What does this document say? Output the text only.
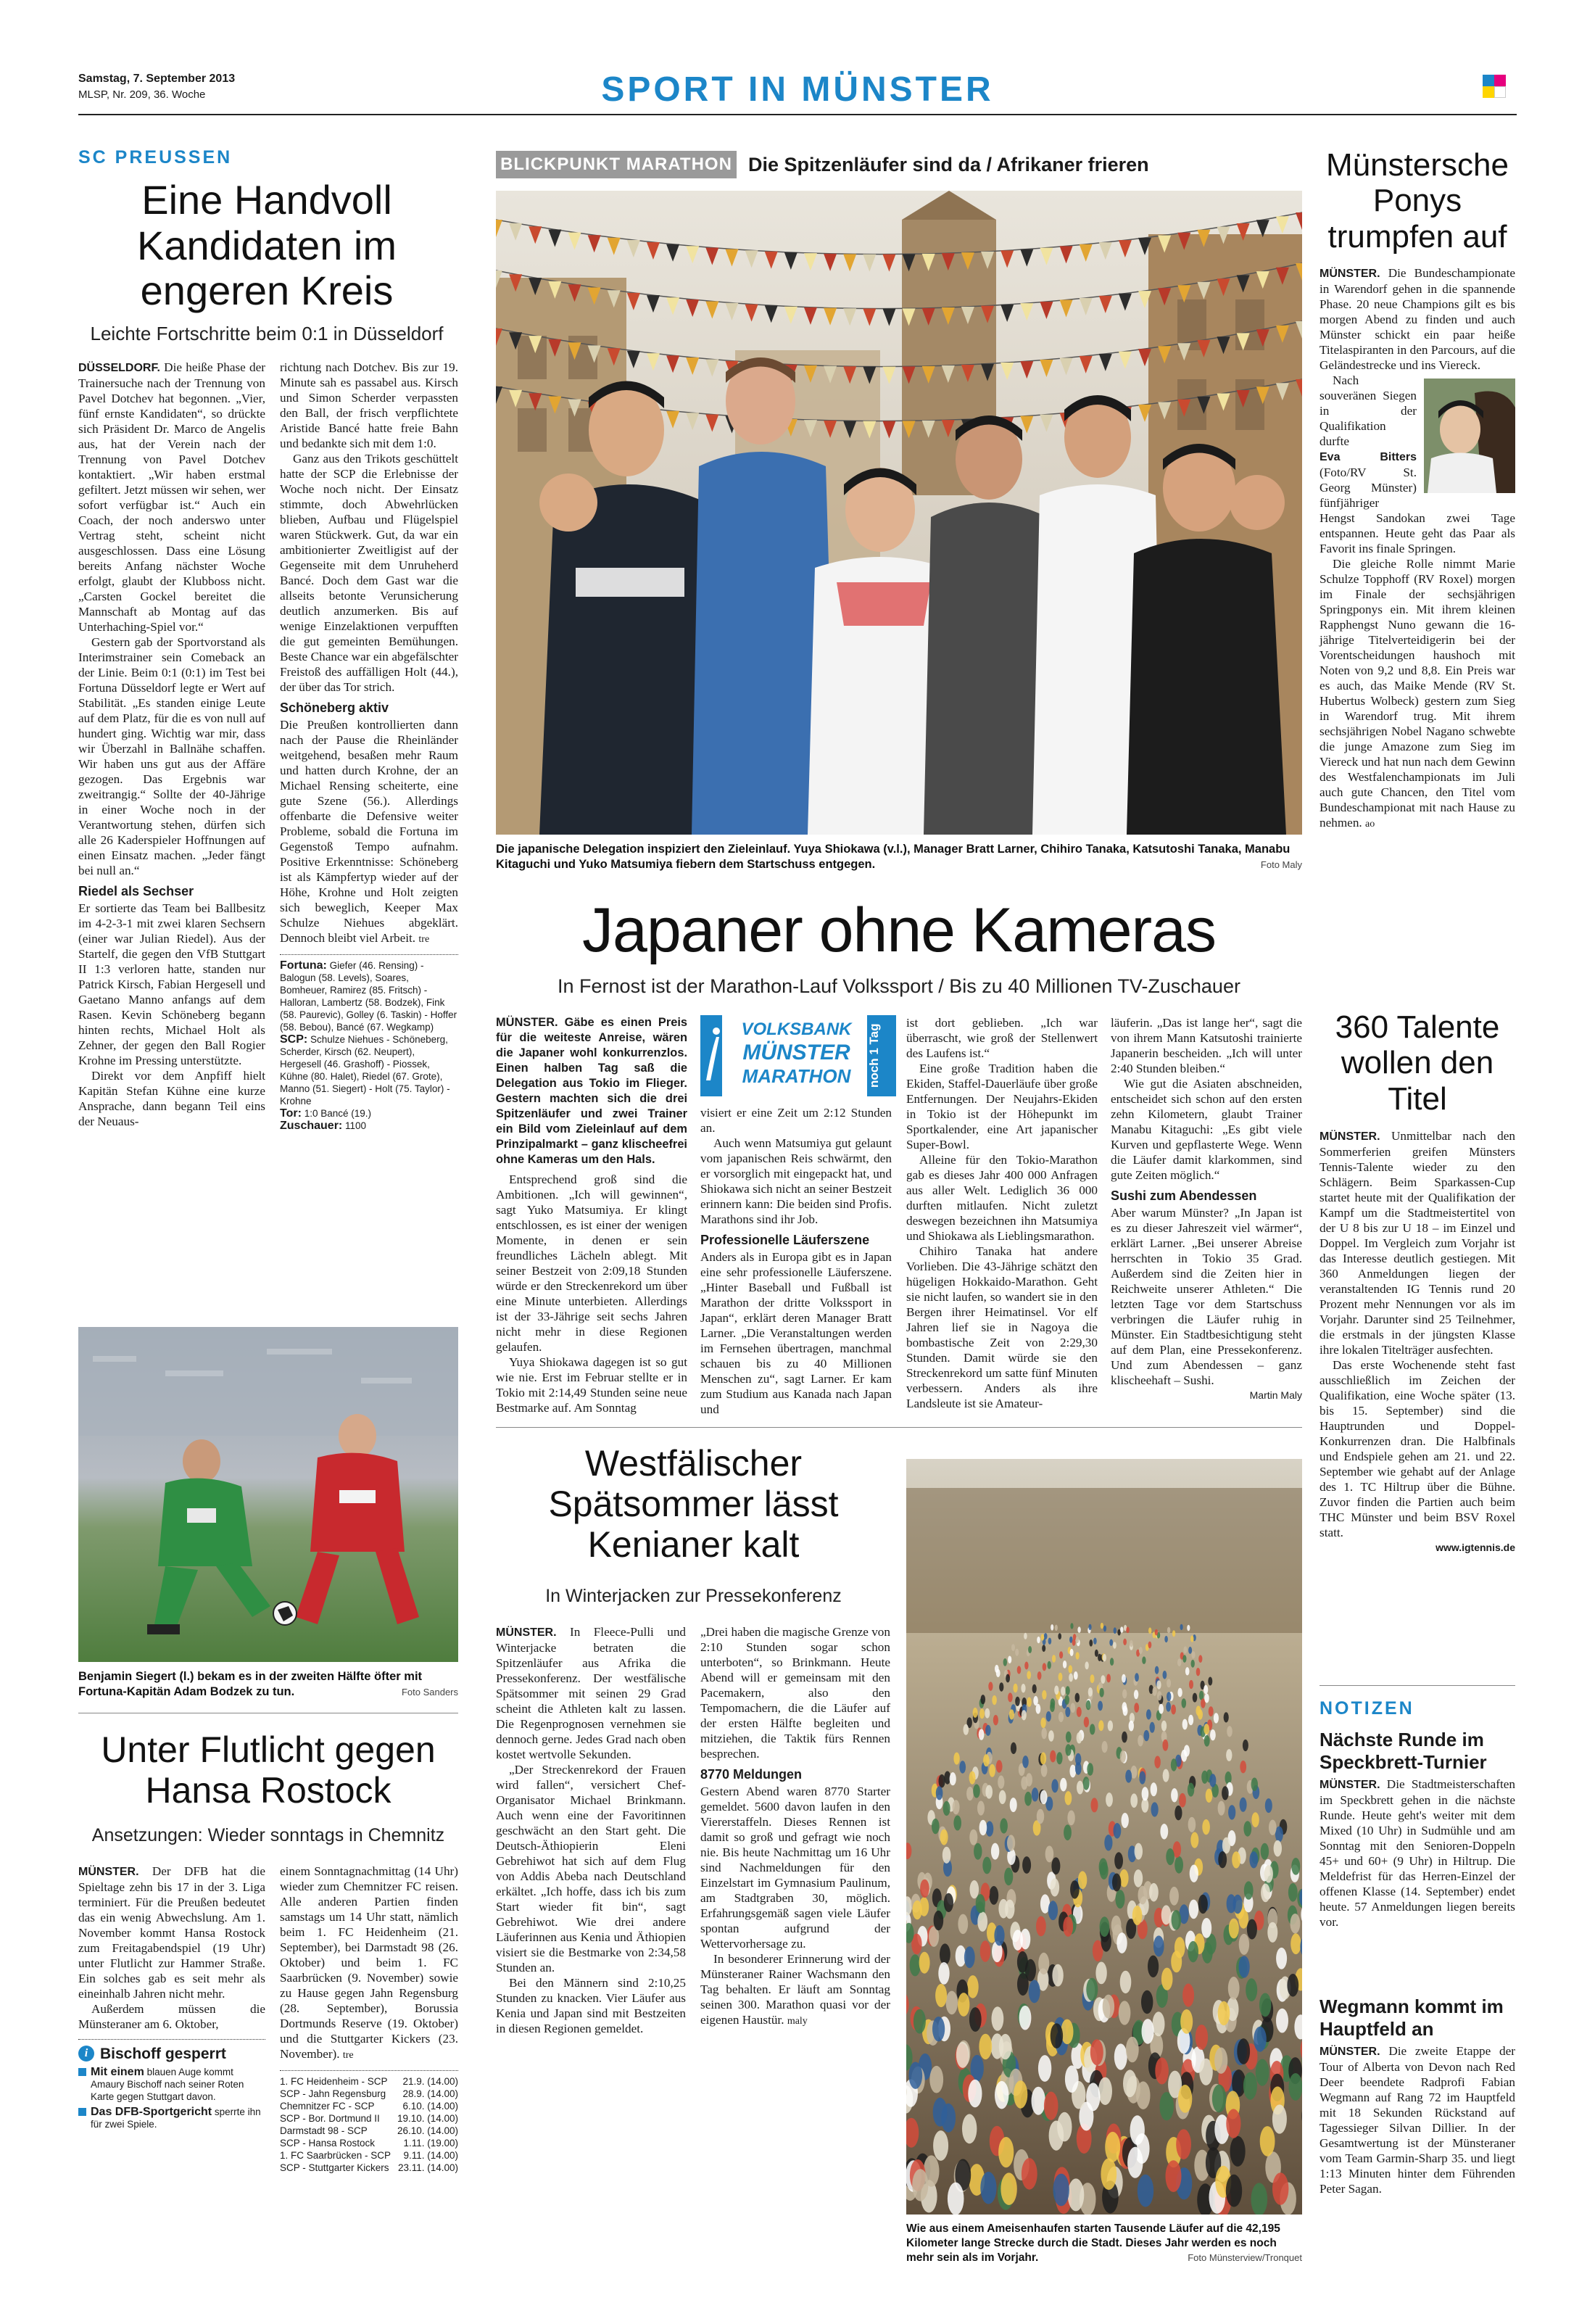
Samstag, 7. September 2013
MLSP, Nr. 209, 36. Woche	SPORT IN MÜNSTER
SC PREUSSEN
Eine Handvoll Kandidaten im engeren Kreis
Leichte Fortschritte beim 0:1 in Düsseldorf

DÜSSELDORF. Die heiße Phase der Trainersuche nach der Trennung von Pavel Dotchev hat begonnen. „Vier, fünf ernste Kandidaten“, so drückte sich Präsident Dr. Marco de Angelis aus, hat der Verein nach der Trennung von Pavel Dotchev kontaktiert. „Wir haben erstmal gefiltert. Jetzt müssen wir sehen, wer sofort verfügbar ist.“ Auch ein Coach, der noch anderswo unter Vertrag steht, scheint nicht ausgeschlossen. Dass eine Lösung bereits Anfang nächster Woche erfolgt, glaubt der Klubboss nicht. „Carsten Gockel bereitet die Mannschaft ab Montag auf das Unterhaching-Spiel vor.“

Gestern gab der Sportvorstand als Interimstrainer sein Comeback an der Linie. Beim 0:1 (0:1) im Test bei Fortuna Düsseldorf legte er Wert auf Stabilität. „Es standen einige Leute auf dem Platz, für die es von null auf hundert ging. Wichtig war mir, dass wir Überzahl in Ballnähe schaffen. Wir haben uns gut aus der Affäre gezogen. Das Ergebnis war zweitrangig.“ Sollte der 40-Jährige in einer Woche noch in der Verantwortung stehen, dürfen sich alle 26 Kaderspieler Hoffnungen auf einen Einsatz machen. „Jeder fängt bei null an.“

Riedel als Sechser

Er sortierte das Team bei Ballbesitz im 4-2-3-1 mit zwei klaren Sechsern (einer war Julian Riedel). Aus der Startelf, die gegen den VfB Stuttgart II 1:3 verloren hatte, standen nur Patrick Kirsch, Fabian Hergesell und Gaetano Manno anfangs auf dem Rasen. Kevin Schöneberg begann hinten rechts, Michael Holt als Zehner, der gegen den Ball Rogier Krohne im Pressing unterstützte.

Direkt vor dem Anpfiff hielt Kapitän Stefan Kühne eine kurze Ansprache, dann begann Teil eins der Neuaus-

richtung nach Dotchev. Bis zur 19. Minute sah es passabel aus. Kirsch und Simon Scherder verpassten den Ball, der frisch verpflichtete Aristide Bancé hatte freie Bahn und bedankte sich mit dem 1:0.

Ganz aus den Trikots geschüttelt hatte der SCP die Erlebnisse der Woche noch nicht. Der Einsatz stimmte, doch Abwehrlücken blieben, Aufbau und Flügelspiel waren Stückwerk. Gut, da war ein ambitionierter Zweitligist auf der Gegenseite mit dem Unruheherd Bancé. Doch dem Gast war die allseits betonte Verunsicherung deutlich anzumerken. Bis auf wenige Einzelaktionen verpufften die gut gemeinten Bemühungen. Beste Chance war ein abgefälschter Freistoß des auffälligen Holt (44.), der über das Tor strich.

Schöneberg aktiv

Die Preußen kontrollierten dann nach der Pause die Rheinländer weitgehend, besaßen mehr Raum und hatten durch Krohne, der an Michael Rensing scheiterte, eine gute Szene (56.). Allerdings offenbarte die Defensive weiter Probleme, sobald die Fortuna im Gegenstoß Tempo aufnahm. Positive Erkenntnisse: Schöneberg ist als Kämpfertyp wieder auf der Höhe, Krohne und Holt zeigten sich beweglich, Keeper Max Schulze Niehues abgeklärt. Dennoch bleibt viel Arbeit. tre

Fortuna: Giefer (46. Rensing) - Balogun (58. Levels), Soares, Bomheuer, Ramirez (85. Fritsch) - Halloran, Lambertz (58. Bodzek), Fink (58. Paurevic), Golley (6. Taskin) - Hoffer (58. Bebou), Bancé (67. Wegkamp)

SCP: Schulze Niehues - Schöneberg, Scherder, Kirsch (62. Neupert), Hergesell (46. Grashoff) - Piossek, Kühne (80. Halet), Riedel (67. Grote), Manno (51. Siegert) - Holt (75. Taylor) - Krohne

Tor: 1:0 Bancé (19.)

Zuschauer: 1100

Benjamin Siegert (l.) bekam es in der zweiten Hälfte öfter mit Fortuna-Kapitän Adam Bodzek zu tun.	Foto Sanders
Unter Flutlicht gegen Hansa Rostock
Ansetzungen: Wieder sonntags in Chemnitz

MÜNSTER. Der DFB hat die Spieltage zehn bis 17 in der 3. Liga terminiert. Für die Preußen bedeutet das ein wenig Abwechslung. Am 1. November kommt Hansa Rostock zum Freitagabendspiel (19 Uhr) unter Flutlicht zur Hammer Straße. Ein solches gab es seit mehr als eineinhalb Jahren nicht mehr.

Außerdem müssen die Münsteraner am 6. Oktober,

i Bischoff gesperrt
Mit einem blauen Auge kommt Amaury Bischoff nach seiner Roten Karte gegen Stuttgart davon.
Das DFB-Sportgericht sperrte ihn für zwei Spiele.

einem Sonntagnachmittag (14 Uhr) wieder zum Chemnitzer FC reisen. Alle anderen Partien finden samstags um 14 Uhr statt, nämlich beim 1. FC Heidenheim (21. September), bei Darmstadt 98 (26. Oktober) und beim 1. FC Saarbrücken (9. November) sowie zu Hause gegen Jahn Regensburg (28. September), Borussia Dortmunds Reserve (19. Oktober) und die Stuttgarter Kickers (23. November). tre

1. FC Heidenheim - SCP 21.9. (14.00)
SCP - Jahn Regensburg 28.9. (14.00)
Chemnitzer FC - SCP	6.10. (14.00)
SCP - Bor. Dortmund II 19.10. (14.00)
Darmstadt 98 - SCP	26.10. (14.00)
SCP - Hansa Rostock	1.11. (19.00)
1. FC Saarbrücken - SCP 9.11. (14.00)
SCP - Stuttgarter Kickers 23.11. (14.00)
BLICKPUNKT MARATHON Die Spitzenläufer sind da / Afrikaner frieren
Die japanische Delegation inspiziert den Zieleinlauf. Yuya Shiokawa (v.l.), Manager Bratt Larner, Chihiro Tanaka, Katsutoshi Tanaka, Manabu Kitaguchi und Yuko Matsumiya fiebern dem Startschuss entgegen.	Foto Maly
Japaner ohne Kameras
In Fernost ist der Marathon-Lauf Volkssport / Bis zu 40 Millionen TV-Zuschauer
VOLKSBANK
MÜNSTER
MARATHON	noch 1 Tag

MÜNSTER. Gäbe es einen Preis für die weiteste Anreise, wären die Japaner wohl konkurrenzlos. Einen halben Tag saß die Delegation aus Tokio im Flieger. Gestern machten sich die drei Spitzenläufer und zwei Trainer ein Bild vom Zieleinlauf auf dem Prinzipalmarkt – ganz klischeefrei ohne Kameras um den Hals.

Entsprechend groß sind die Ambitionen. „Ich will gewinnen“, sagt Yuko Matsumiya. Er klingt entschlossen, es ist einer der wenigen Momente, in denen er sein freundliches Lächeln ablegt. Mit seiner Bestzeit von 2:09,18 Stunden würde er den Streckenrekord um über eine Minute unterbieten. Allerdings ist der 33-Jährige seit sechs Jahren nicht mehr in diese Regionen gelaufen.

Yuya Shiokawa dagegen ist so gut wie nie. Erst im Februar stellte er in Tokio mit 2:14,49 Stunden seine neue Bestmarke auf. Am Sonntag

visiert er eine Zeit um 2:12 Stunden an.

Auch wenn Matsumiya gut gelaunt vom japanischen Reis schwärmt, den er vorsorglich mit eingepackt hat, und Shiokawa sich nicht an seiner Bestzeit erinnern kann: Die beiden sind Profis. Marathons sind ihr Job.

Professionelle Läuferszene

Anders als in Europa gibt es in Japan eine sehr professionelle Läuferszene. „Hinter Baseball und Fußball ist Marathon der dritte Volkssport in Japan“, erklärt deren Manager Bratt Larner. „Die Veranstaltungen werden im Fernsehen übertragen, manchmal schauen bis zu 40 Millionen Menschen zu“, sagt Larner. Er kam zum Studium aus Kanada nach Japan und

ist dort geblieben. „Ich war überrascht, wie groß der Stellenwert des Laufens ist.“

Eine große Tradition haben die Ekiden, Staffel-Dauerläufe über große Entfernungen. Der Neujahrs-Ekiden in Tokio ist der Höhepunkt im Sportkalender, eine Art japanischer Super-Bowl.

Alleine für den Tokio-Marathon gab es dieses Jahr 400 000 Anfragen aus aller Welt. Lediglich 36 000 durften mitlaufen. Nicht zuletzt deswegen bezeichnen ihn Matsumiya und Shiokawa als Lieblingsmarathon.

Chihiro Tanaka hat andere Vorlieben. Die 43-Jährige schätzt den hügeligen Hokkaido-Marathon. Geht sie nicht laufen, so wandert sie in den Bergen ihrer Heimatinsel. Vor elf Jahren lief sie in Nagoya die bombastische Zeit von 2:29,30 Stunden. Damit würde sie den Streckenrekord um satte fünf Minuten verbessern. Anders als ihre Landsleute ist sie Amateur-

läuferin. „Das ist lange her“, sagt die von ihrem Mann Katsutoshi trainierte Japanerin bescheiden. „Ich will unter 2:40 Stunden bleiben.“

Wie gut die Asiaten abschneiden, entscheidet sich schon auf den ersten zehn Kilometern, glaubt Trainer Manabu Kitaguchi: „Es gibt viele Kurven und gepflasterte Wege. Wenn die Läufer damit klarkommen, sind gute Zeiten möglich.“

Sushi zum Abendessen

Aber warum Münster? „In Japan ist es zu dieser Jahreszeit viel wärmer“, erklärt Larner. „Bei unserer Abreise herrschten in Tokio 35 Grad. Außerdem sind die Zeiten hier in Reichweite unserer Athleten.“ Die letzten Tage vor dem Startschuss verbringen die Läufer ruhig in Münster. Ein Stadtbesichtigung steht auf dem Plan, eine Pressekonferenz. Und zum Abendessen – ganz klischeehaft – Sushi.

Martin Maly

Westfälischer Spätsommer lässt Kenianer kalt
In Winterjacken zur Pressekonferenz

MÜNSTER. In Fleece-Pulli und Winterjacke betraten die Spitzenläufer aus Afrika die Pressekonferenz. Der westfälische Spätsommer mit seinen 29 Grad scheint die Athleten kalt zu lassen. Die Regenprognosen vernehmen sie dennoch gerne. Jedes Grad nach oben kostet wertvolle Sekunden.

„Der Streckenrekord der Frauen wird fallen“, versichert Chef-Organisator Michael Brinkmann. Auch wenn eine der Favoritinnen geschwächt an den Start geht. Die Deutsch-Äthiopierin Eleni Gebrehiwot hat sich auf dem Flug von Addis Abeba nach Deutschland erkältet. „Ich hoffe, dass ich bis zum Start wieder fit bin“, sagt Gebrehiwot. Wie drei andere Läuferinnen aus Kenia und Äthiopien visiert sie die Bestmarke von 2:34,58 Stunden an.

Bei den Männern sind 2:10,25 Stunden zu knacken. Vier Läufer aus Kenia und Japan sind mit Bestzeiten in diesen Regionen gemeldet.

„Drei haben die magische Grenze von 2:10 Stunden sogar schon unterboten“, so Brinkmann. Heute Abend will er gemeinsam mit den Pacemakern, also den Tempomachern, die die Läufer auf der ersten Hälfte begleiten und mitziehen, die Taktik fürs Rennen besprechen.

8770 Meldungen

Gestern Abend waren 8770 Starter gemeldet. 5600 davon laufen in den Viererstaffeln. Dieses Rennen ist damit so groß und gefragt wie noch nie. Bis heute Nachmittag um 16 Uhr sind Nachmeldungen für den Einzelstart im Gymnasium Paulinum, am Stadtgraben 30, möglich. Erfahrungsgemäß sagen viele Läufer spontan aufgrund der Wettervorhersage zu.

In besonderer Erinnerung wird der Münsteraner Rainer Wachsmann den Tag behalten. Er läuft am Sonntag seinen 300. Marathon quasi vor der eigenen Haustür. maly

Wie aus einem Ameisenhaufen starten Tausende Läufer auf die 42,195 Kilometer lange Strecke durch die Stadt. Dieses Jahr werden es noch mehr sein als im Vorjahr.	Foto Münsterview/Tronquet
Münstersche Ponys trumpfen auf

MÜNSTER. Die Bundeschampionate in Warendorf gehen in die spannende Phase. 20 neue Champions gilt es bis morgen Abend zu finden und auch Münster schickt ein paar heiße Titelaspiranten in den Parcours, auf die Geländestrecke und ins Viereck.

Nach souveränen Siegen in der Qualifikation durfte

Eva Bitters (Foto/RV St. Georg Münster) fünfjähriger Hengst Sandokan zwei Tage entspannen. Heute geht das Paar als Favorit ins finale Springen.

Die gleiche Rolle nimmt Marie Schulze Topphoff (RV Roxel) morgen im Finale der sechsjährigen Springponys ein. Mit ihrem kleinen Rapphengst Nuno gewann die 16-jährige Titelverteidigerin bei der Vorentscheidungen haushoch mit Noten von 9,2 und 8,8. Ein Preis war es auch, das Maike Mende (RV St. Hubertus Wolbeck) gestern zum Sieg in Warendorf trug. Mit ihrem sechsjährigen Nobel Nagano schwebte die junge Amazone zum Sieg im Viereck und hat nun nach dem Gewinn des Westfalenchampionats im Juli auch gute Chancen, den Titel vom Bundeschampionat mit nach Hause zu nehmen. ao

360 Talente wollen den Titel

MÜNSTER. Unmittelbar nach den Sommerferien greifen Münsters Tennis-Talente wieder zu den Schlägern. Beim Sparkassen-Cup startet heute mit der Qualifikation der Kampf um die Stadtmeistertitel von der U 8 bis zur U 18 – im Einzel und Doppel. Im Vergleich zum Vorjahr ist das Interesse deutlich gestiegen. Mit 360 Anmeldungen liegen der veranstaltenden IG Tennis rund 20 Prozent mehr Nennungen vor als im Vorjahr. Darunter sind 25 Teilnehmer, die erstmals in der jüngsten Klasse ihre lokalen Titelträger ausfechten.

Das erste Wochenende steht fast ausschließlich im Zeichen der Qualifikation, eine Woche später (13. bis 15. September) sind die Hauptrunden und Doppel-Konkurrenzen dran. Die Halbfinals und Endspiele gehen am 21. und 22. September wie gehabt auf der Anlage des 1. TC Hiltrup über die Bühne. Zuvor finden die Partien auch beim THC Münster und beim BSV Roxel statt.

www.igtennis.de

NOTIZEN
Nächste Runde im Speckbrett-Turnier

MÜNSTER. Die Stadtmeisterschaften im Speckbrett gehen in die nächste Runde. Heute geht's weiter mit dem Mixed (10 Uhr) in Sudmühle und am Sonntag mit den Senioren-Doppeln 45+ und 60+ (9 Uhr) in Hiltrup. Die Meldefrist für das Herren-Einzel der offenen Klasse (14. September) endet heute. 57 Anmeldungen liegen bereits vor.

Wegmann kommt im Hauptfeld an

MÜNSTER. Die zweite Etappe der Tour of Alberta von Devon nach Red Deer beendete Radprofi Fabian Wegmann auf Rang 72 im Hauptfeld mit 18 Sekunden Rückstand auf Tagessieger Silvan Dillier. In der Gesamtwertung ist der Münsteraner vom Team Garmin-Sharp 35. und liegt 1:13 Minuten hinter dem Führenden Peter Sagan.
